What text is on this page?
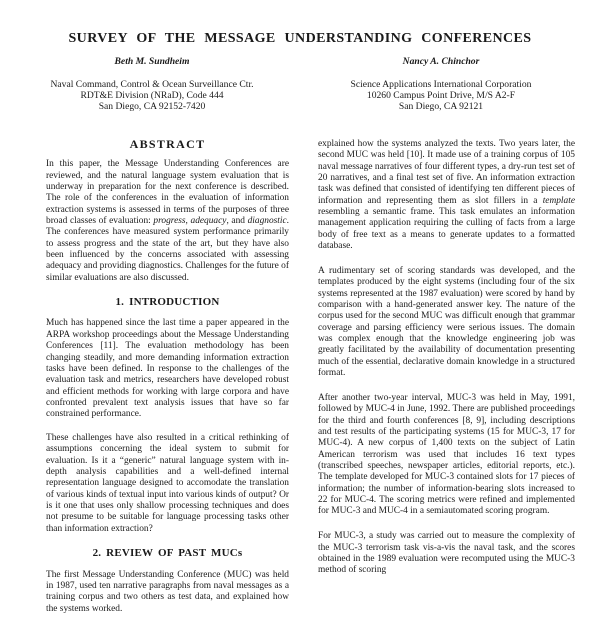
SURVEY OF THE MESSAGE UNDERSTANDING CONFERENCES
Beth M. Sundheim
Naval Command, Control & Ocean Surveillance Ctr.
RDT&E Division (NRaD), Code 444
San Diego, CA 92152-7420
Nancy A. Chinchor
Science Applications International Corporation
10260 Campus Point Drive, M/S A2-F
San Diego, CA 92121
ABSTRACT

In this paper, the Message Understanding Conferences are reviewed, and the natural language system evaluation that is underway in preparation for the next conference is described. The role of the conferences in the evaluation of information extraction systems is assessed in terms of the purposes of three broad classes of evaluation: progress, adequacy, and diagnostic. The conferences have measured system performance primarily to assess progress and the state of the art, but they have also been influenced by the concerns associated with assessing adequacy and providing diagnostics. Challenges for the future of similar evaluations are also discussed.

1. INTRODUCTION

Much has happened since the last time a paper appeared in the ARPA workshop proceedings about the Message Understanding Conferences [11]. The evaluation methodology has been changing steadily, and more demanding information extraction tasks have been defined. In response to the challenges of the evaluation task and metrics, researchers have developed robust and efficient methods for working with large corpora and have confronted prevalent text analysis issues that have so far constrained performance.

These challenges have also resulted in a critical rethinking of assumptions concerning the ideal system to submit for evaluation. Is it a “generic” natural language system with in-depth analysis capabilities and a well-defined internal representation language designed to accomodate the translation of various kinds of textual input into various kinds of output? Or is it one that uses only shallow processing techniques and does not presume to be suitable for language processing tasks other than information extraction?

2. REVIEW OF PAST MUCs

The first Message Understanding Conference (MUC) was held in 1987, used ten narrative paragraphs from naval messages as a training corpus and two others as test data, and explained how the systems worked.

explained how the systems analyzed the texts. Two years later, the second MUC was held [10]. It made use of a training corpus of 105 naval message narratives of four different types, a dry-run test set of 20 narratives, and a final test set of five. An information extraction task was defined that consisted of identifying ten different pieces of information and representing them as slot fillers in a template resembling a semantic frame. This task emulates an information management application requiring the culling of facts from a large body of free text as a means to generate updates to a formatted database.

A rudimentary set of scoring standards was developed, and the templates produced by the eight systems (including four of the six systems represented at the 1987 evaluation) were scored by hand by comparison with a hand-generated answer key. The nature of the corpus used for the second MUC was difficult enough that grammar coverage and parsing efficiency were serious issues. The domain was complex enough that the knowledge engineering job was greatly facilitated by the availability of documentation presenting much of the essential, declarative domain knowledge in a structured format.

After another two-year interval, MUC-3 was held in May, 1991, followed by MUC-4 in June, 1992. There are published proceedings for the third and fourth conferences [8, 9], including descriptions and test results of the participating systems (15 for MUC-3, 17 for MUC-4). A new corpus of 1,400 texts on the subject of Latin American terrorism was used that includes 16 text types (transcribed speeches, newspaper articles, editorial reports, etc.). The template developed for MUC-3 contained slots for 17 pieces of information; the number of information-bearing slots increased to 22 for MUC-4. The scoring metrics were refined and implemented for MUC-3 and MUC-4 in a semiautomated scoring program.

For MUC-3, a study was carried out to measure the complexity of the MUC-3 terrorism task vis-a-vis the naval task, and the scores obtained in the 1989 evaluation were recomputed using the MUC-3 method of scoring
